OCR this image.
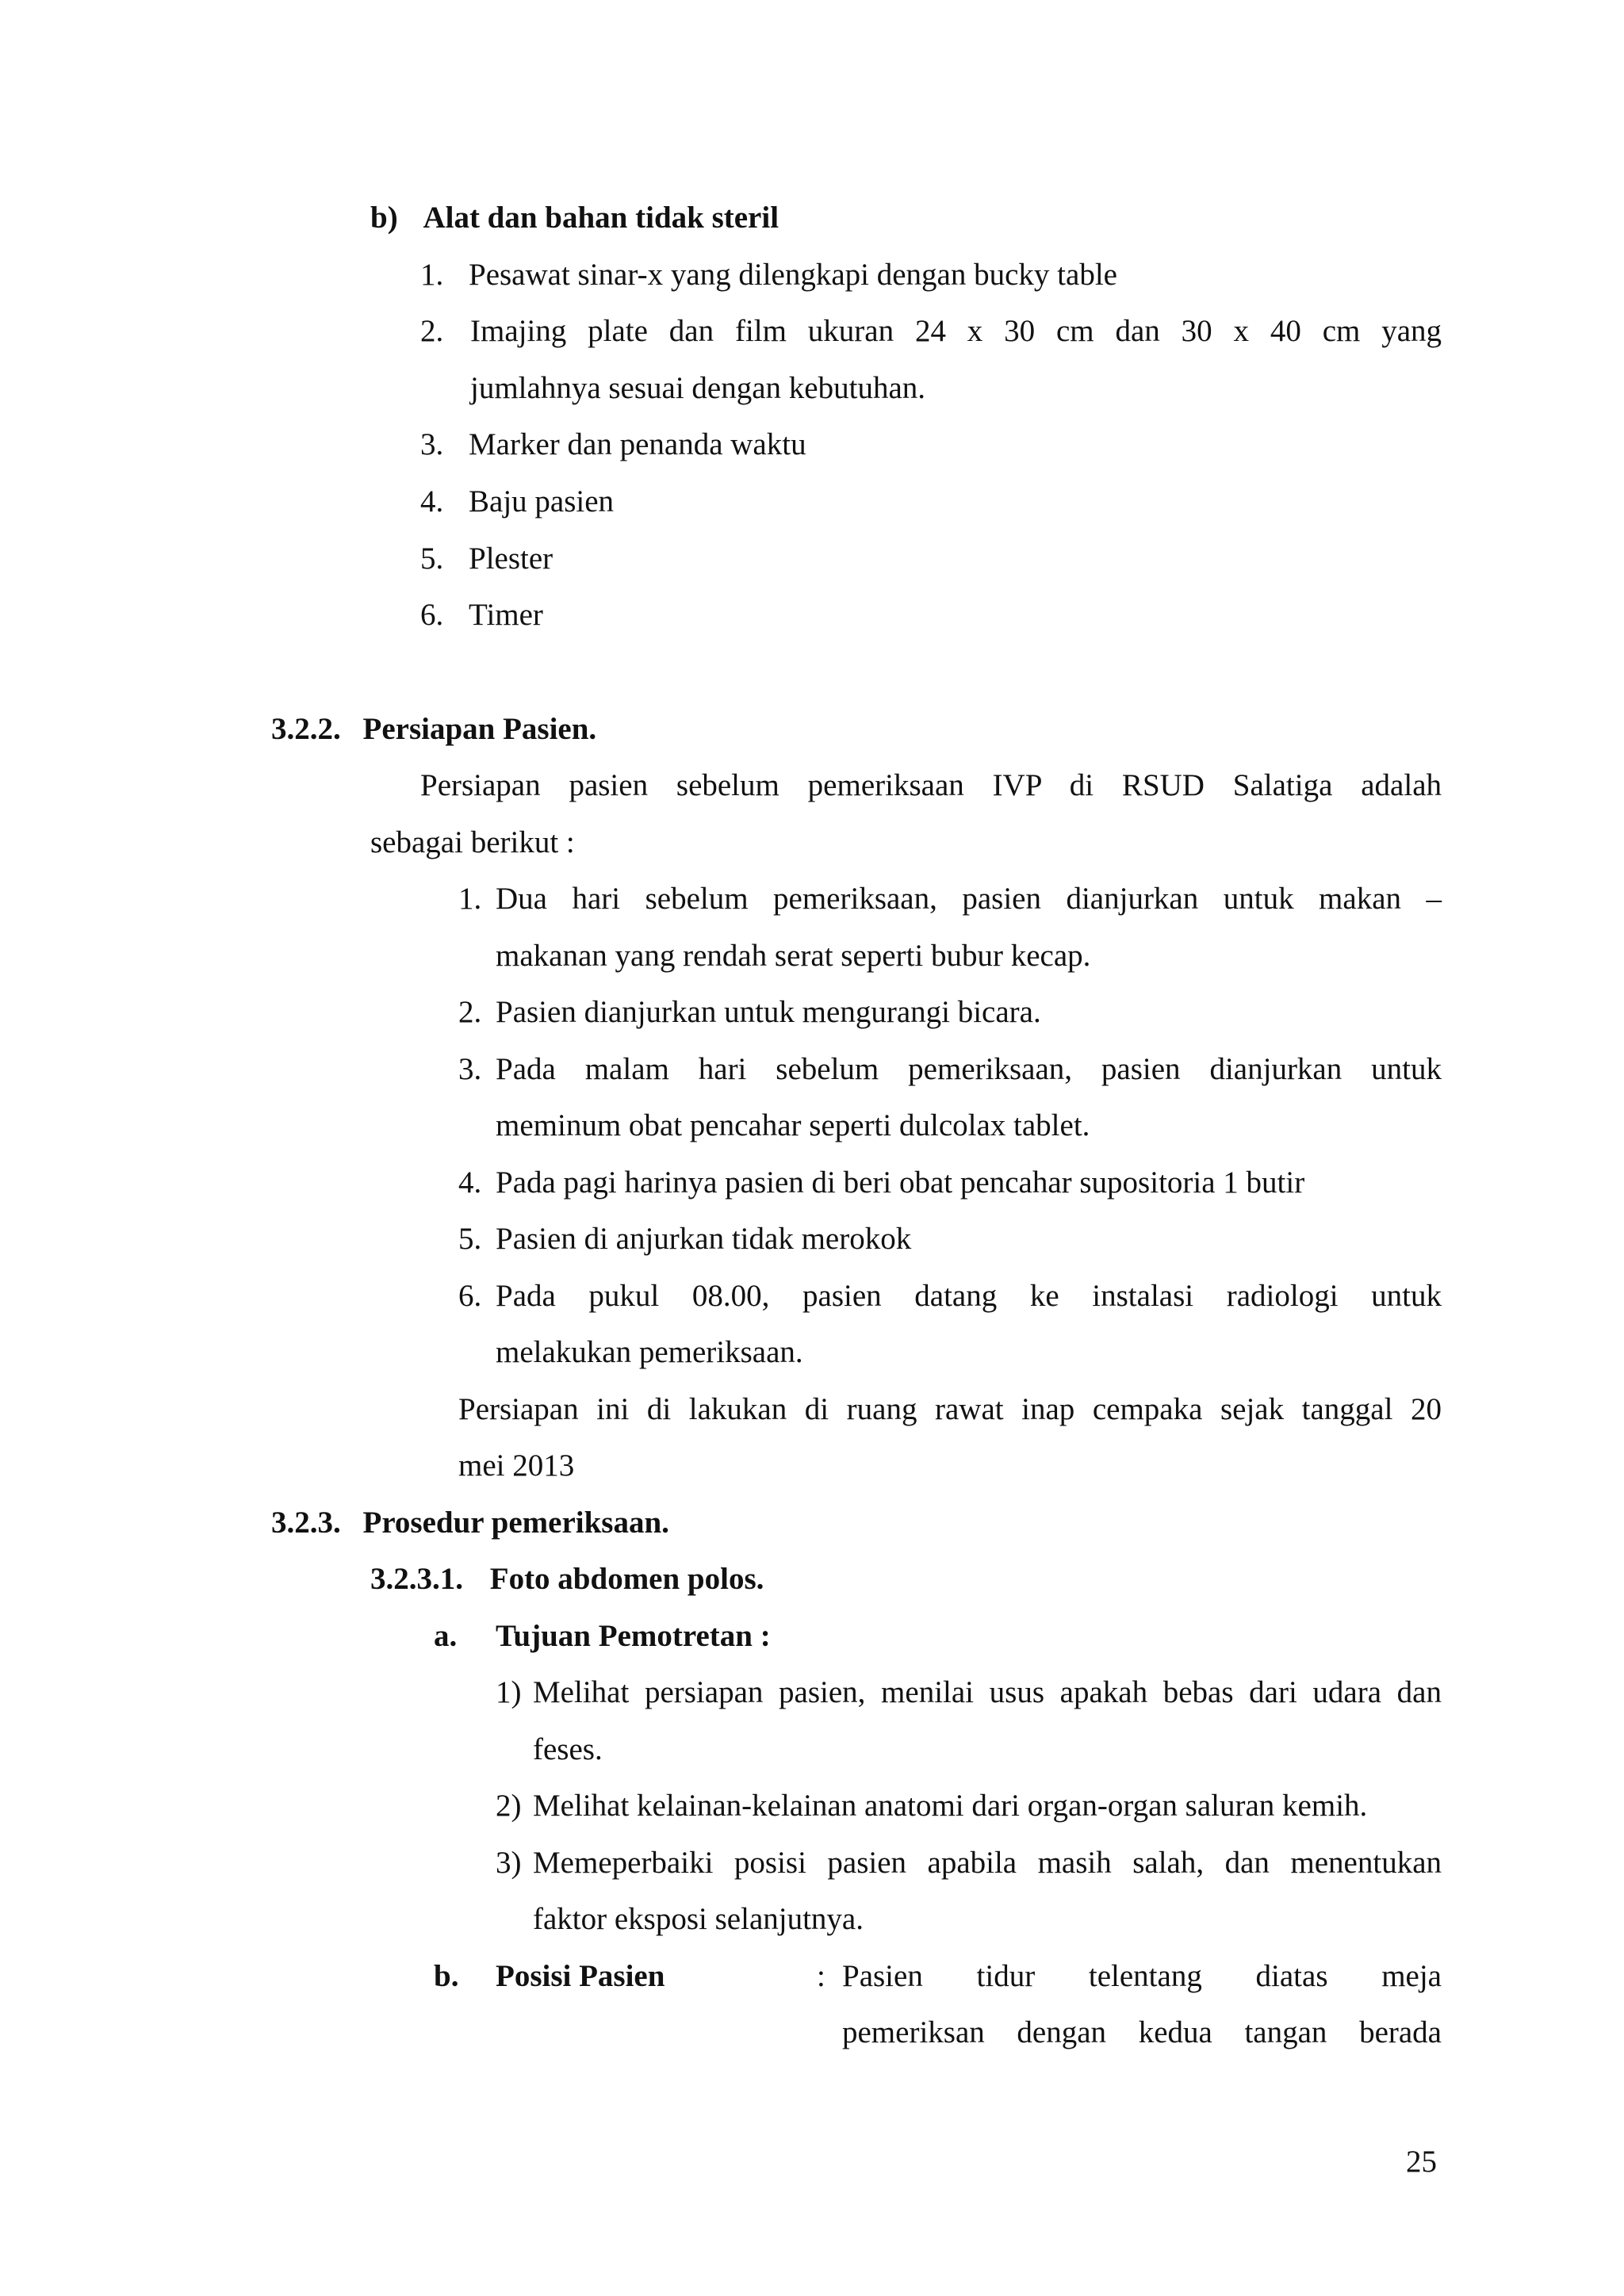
b) Alat dan bahan tidak steril
1. Pesawat sinar-x yang dilengkapi dengan bucky table
2. Imajing plate dan film ukuran 24 x 30 cm dan 30 x 40 cm yang
jumlahnya sesuai dengan kebutuhan.
3. Marker dan penanda waktu
4. Baju pasien
5. Plester
6. Timer
3.2.2. Persiapan Pasien.
Persiapan pasien sebelum pemeriksaan IVP di RSUD Salatiga adalah
sebagai berikut :
1. Dua hari sebelum pemeriksaan, pasien dianjurkan untuk makan –
makanan yang rendah serat seperti bubur kecap.
2. Pasien dianjurkan untuk mengurangi bicara.
3. Pada malam hari sebelum pemeriksaan, pasien dianjurkan untuk
meminum obat pencahar seperti dulcolax tablet.
4. Pada pagi harinya pasien di beri obat pencahar supositoria 1 butir
5. Pasien di anjurkan tidak merokok
6. Pada pukul 08.00, pasien datang ke instalasi radiologi untuk
melakukan pemeriksaan.
Persiapan ini di lakukan di ruang rawat inap cempaka sejak tanggal 20
mei 2013
3.2.3. Prosedur pemeriksaan.
3.2.3.1. Foto abdomen polos.
a. Tujuan Pemotretan :
1) Melihat persiapan pasien, menilai usus apakah bebas dari udara dan
feses.
2) Melihat kelainan-kelainan anatomi dari organ-organ saluran kemih.
3) Memeperbaiki posisi pasien apabila masih salah, dan menentukan
faktor eksposi selanjutnya.
b. Posisi Pasien	: Pasien tidur telentang diatas meja
pemeriksan dengan kedua tangan berada
25
